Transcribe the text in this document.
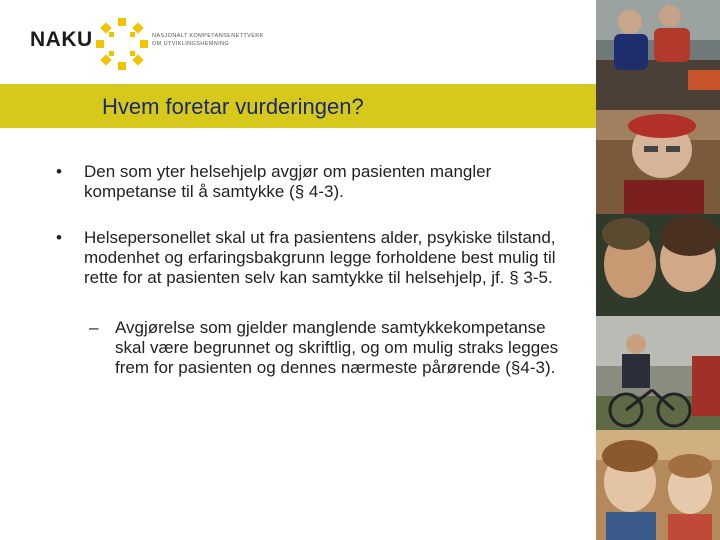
NAKU	NASJONALT KOMPETANSENETTVERK
OM UTVIKLINGSHEMNING
Hvem foretar vurderingen?
• Den som yter helsehjelp avgjør om pasienten mangler kompetanse til å samtykke (§ 4-3).
• Helsepersonellet skal ut fra pasientens alder, psykiske tilstand, modenhet og erfaringsbakgrunn legge forholdene best mulig til rette for at pasienten selv kan samtykke til helsehjelp, jf. § 3-5.
– Avgjørelse som gjelder manglende samtykkekompetanse skal være begrunnet og skriftlig, og om mulig straks legges frem for pasienten og dennes nærmeste pårørende (§4-3).
